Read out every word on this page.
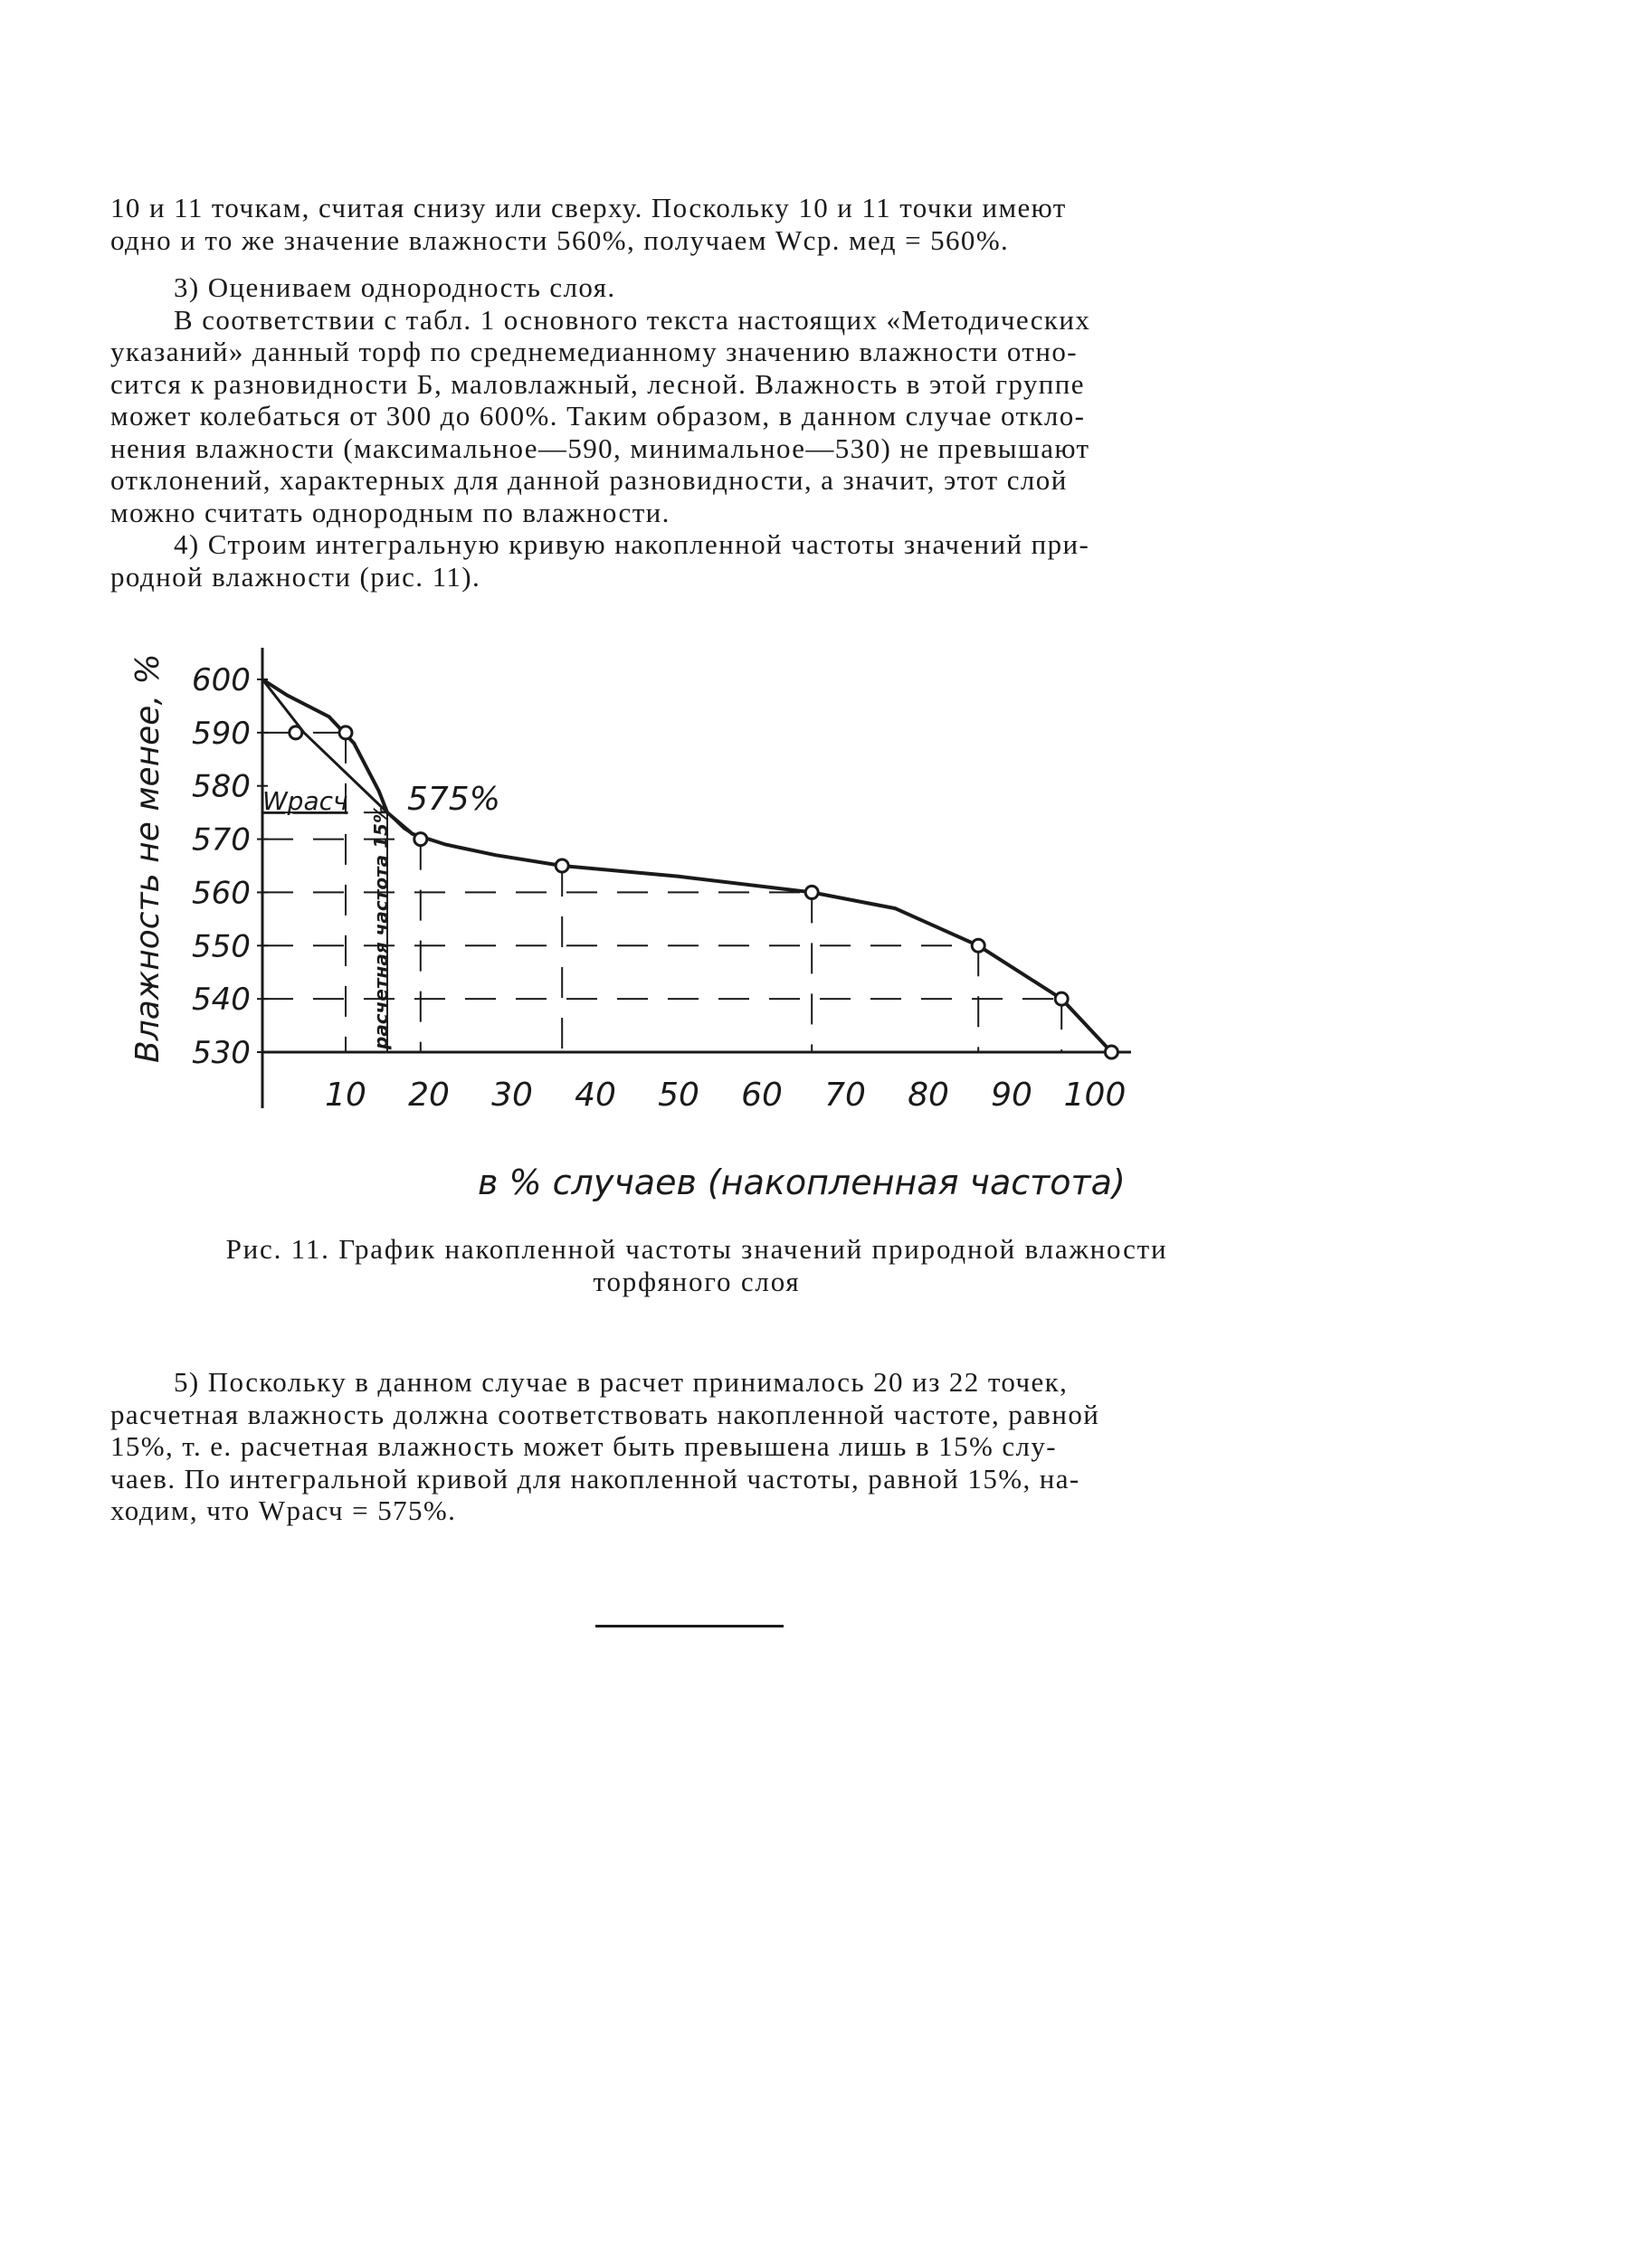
10 и 11 точкам, считая снизу или сверху. Поскольку 10 и 11 точки имеют
одно и то же значение влажности 560%, получаем Wср. мед = 560%.
3) Оцениваем однородность слоя.
В соответствии с табл. 1 основного текста настоящих «Методических
указаний» данный торф по среднемедианному значению влажности отно-
сится к разновидности Б, маловлажный, лесной. Влажность в этой группе
может колебаться от 300 до 600%. Таким образом, в данном случае откло-
нения влажности (максимальное—590, минимальное—530) не превышают
отклонений, характерных для данной разновидности, а значит, этот слой
можно считать однородным по влажности.
4) Строим интегральную кривую накопленной частоты значений при-
родной влажности (рис. 11).
530
540
550
560
570
580
590
600
10 20 30 40 50 60 70 80 90 100
Влажность не менее, %
в % случаев (накопленная частота)
Wрасч 575%
расчетная частота 15%
Рис. 11. График накопленной частоты значений природной влажности
торфяного слоя
5) Поскольку в данном случае в расчет принималось 20 из 22 точек,
расчетная влажность должна соответствовать накопленной частоте, равной
15%, т. е. расчетная влажность может быть превышена лишь в 15% слу-
чаев. По интегральной кривой для накопленной частоты, равной 15%, на-
ходим, что Wрасч = 575%.
